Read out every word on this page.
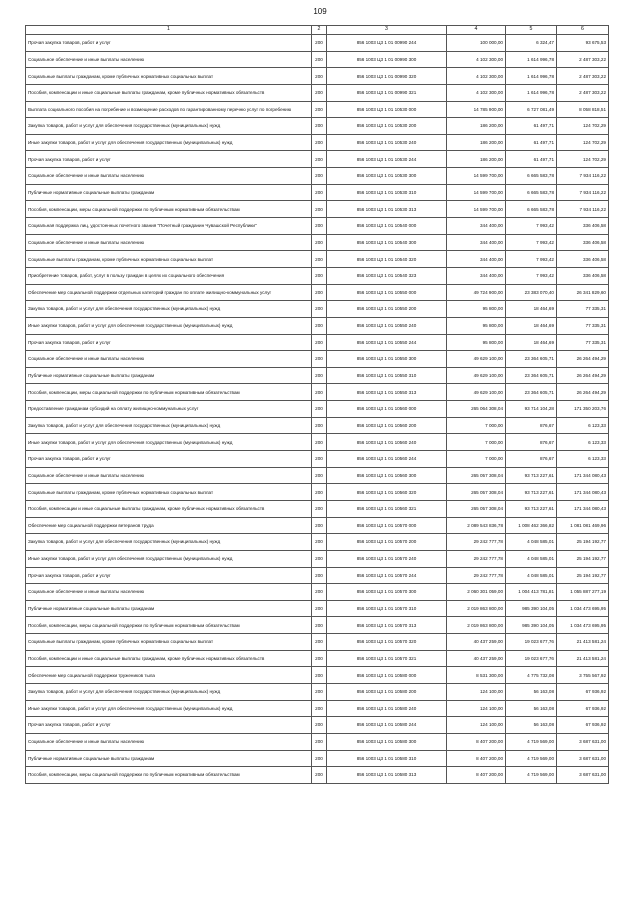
109
1	2	3	4	5	6
Прочая закупка товаров, работ и услуг	200	856 1003 Ц3 1 01 00990 244	100 000,00	6 324,47	93 675,53
Социальное обеспечение и иные выплаты населению	200	856 1003 Ц3 1 01 00990 300	4 102 300,00	1 614 996,78	2 487 303,22
Социальные выплаты гражданам, кроме публичных нормативных социальных выплат	200	856 1003 Ц3 1 01 00990 320	4 102 300,00	1 614 996,78	2 487 303,22
Пособия, компенсации и иные социальные выплаты гражданам, кроме публичных нормативных обязательств	200	856 1003 Ц3 1 01 00990 321	4 102 300,00	1 614 996,78	2 487 303,22
Выплата социального пособия на погребение и возмещение расходов по гарантированному перечню услуг по погребению	200	856 1003 Ц3 1 01 10530 000	14 785 900,00	6 727 081,49	8 058 818,51
Закупка товаров, работ и услуг для обеспечения государственных (муниципальных) нужд	200	856 1003 Ц3 1 01 10530 200	186 200,00	61 497,71	124 702,29
Иные закупки товаров, работ и услуг для обеспечения государственных (муниципальных) нужд	200	856 1003 Ц3 1 01 10530 240	186 200,00	61 497,71	124 702,29
Прочая закупка товаров, работ и услуг	200	856 1003 Ц3 1 01 10530 244	186 200,00	61 497,71	124 702,29
Социальное обеспечение и иные выплаты населению	200	856 1003 Ц3 1 01 10530 300	14 599 700,00	6 665 583,78	7 934 116,22
Публичные нормативные социальные выплаты гражданам	200	856 1003 Ц3 1 01 10530 310	14 599 700,00	6 665 583,78	7 934 116,22
Пособия, компенсации, меры социальной поддержки по публичным нормативным обязательствам	200	856 1003 Ц3 1 01 10530 313	14 599 700,00	6 665 583,78	7 934 116,22
Социальная поддержка лиц, удостоенных почетного звания "Почетный гражданин Чувашской Республики"	200	856 1003 Ц3 1 01 10540 000	344 400,00	7 993,42	336 406,58
Социальное обеспечение и иные выплаты населению	200	856 1003 Ц3 1 01 10540 300	344 400,00	7 993,42	336 406,58
Социальные выплаты гражданам, кроме публичных нормативных социальных выплат	200	856 1003 Ц3 1 01 10540 320	344 400,00	7 993,42	336 406,58
Приобретение товаров, работ, услуг в пользу граждан в целях их социального обеспечения	200	856 1003 Ц3 1 01 10540 323	344 400,00	7 993,42	336 406,58
Обеспечение мер социальной поддержки отдельных категорий граждан по оплате жилищно-коммунальных услуг	200	856 1003 Ц3 1 01 10550 000	49 724 900,00	23 383 070,40	26 341 829,60
Закупка товаров, работ и услуг для обеспечения государственных (муниципальных) нужд	200	856 1003 Ц3 1 01 10550 200	95 800,00	18 464,69	77 335,31
Иные закупки товаров, работ и услуг для обеспечения государственных (муниципальных) нужд	200	856 1003 Ц3 1 01 10550 240	95 800,00	18 464,69	77 335,31
Прочая закупка товаров, работ и услуг	200	856 1003 Ц3 1 01 10550 244	95 800,00	18 464,69	77 335,31
Социальное обеспечение и иные выплаты населению	200	856 1003 Ц3 1 01 10550 300	49 629 100,00	23 364 605,71	26 264 494,29
Публичные нормативные социальные выплаты гражданам	200	856 1003 Ц3 1 01 10550 310	49 629 100,00	23 364 605,71	26 264 494,29
Пособия, компенсации, меры социальной поддержки по публичным нормативным обязательствам	200	856 1003 Ц3 1 01 10550 313	49 629 100,00	23 364 605,71	26 264 494,29
Предоставление гражданам субсидий на оплату жилищно-коммунальных услуг	200	856 1003 Ц3 1 01 10560 000	265 064 308,04	93 714 104,28	171 350 203,76
Закупка товаров, работ и услуг для обеспечения государственных (муниципальных) нужд	200	856 1003 Ц3 1 01 10560 200	7 000,00	876,67	6 123,33
Иные закупки товаров, работ и услуг для обеспечения государственных (муниципальных) нужд	200	856 1003 Ц3 1 01 10560 240	7 000,00	876,67	6 123,33
Прочая закупка товаров, работ и услуг	200	856 1003 Ц3 1 01 10560 244	7 000,00	876,67	6 123,33
Социальное обеспечение и иные выплаты населению	200	856 1003 Ц3 1 01 10560 300	265 057 308,04	93 713 227,61	171 344 080,43
Социальные выплаты гражданам, кроме публичных нормативных социальных выплат	200	856 1003 Ц3 1 01 10560 320	265 057 308,04	93 713 227,61	171 344 080,43
Пособия, компенсации и иные социальные выплаты гражданам, кроме публичных нормативных обязательств	200	856 1003 Ц3 1 01 10560 321	265 057 308,04	93 713 227,61	171 344 080,43
Обеспечение мер социальной поддержки ветеранов труда	200	856 1003 Ц3 1 01 10570 000	2 089 543 836,78	1 008 462 366,82	1 081 081 469,96
Закупка товаров, работ и услуг для обеспечения государственных (муниципальных) нужд	200	856 1003 Ц3 1 01 10570 200	29 242 777,78	4 048 585,01	25 194 192,77
Иные закупки товаров, работ и услуг для обеспечения государственных (муниципальных) нужд	200	856 1003 Ц3 1 01 10570 240	29 242 777,78	4 048 585,01	25 194 192,77
Прочая закупка товаров, работ и услуг	200	856 1003 Ц3 1 01 10570 244	29 242 777,78	4 048 585,01	25 194 192,77
Социальное обеспечение и иные выплаты населению	200	856 1003 Ц3 1 01 10570 300	2 060 301 059,00	1 004 413 781,81	1 055 887 277,19
Публичные нормативные социальные выплаты гражданам	200	856 1003 Ц3 1 01 10570 310	2 019 863 800,00	985 390 104,05	1 034 473 695,95
Пособия, компенсации, меры социальной поддержки по публичным нормативным обязательствам	200	856 1003 Ц3 1 01 10570 313	2 019 863 800,00	985 390 104,05	1 034 473 695,95
Социальные выплаты гражданам, кроме публичных нормативных социальных выплат	200	856 1003 Ц3 1 01 10570 320	40 437 259,00	19 023 677,76	21 413 581,24
Пособия, компенсации и иные социальные выплаты гражданам, кроме публичных нормативных обязательств	200	856 1003 Ц3 1 01 10570 321	40 437 259,00	19 023 677,76	21 413 581,24
Обеспечение мер социальной поддержки тружеников тыла	200	856 1003 Ц3 1 01 10580 000	8 531 300,00	4 775 732,08	3 755 567,92
Закупка товаров, работ и услуг для обеспечения государственных (муниципальных) нужд	200	856 1003 Ц3 1 01 10580 200	124 100,00	56 163,08	67 936,92
Иные закупки товаров, работ и услуг для обеспечения государственных (муниципальных) нужд	200	856 1003 Ц3 1 01 10580 240	124 100,00	56 163,08	67 936,92
Прочая закупка товаров, работ и услуг	200	856 1003 Ц3 1 01 10580 244	124 100,00	56 163,08	67 936,92
Социальное обеспечение и иные выплаты населению	200	856 1003 Ц3 1 01 10580 300	8 407 200,00	4 719 569,00	3 687 631,00
Публичные нормативные социальные выплаты гражданам	200	856 1003 Ц3 1 01 10580 310	8 407 200,00	4 719 569,00	3 687 631,00
Пособия, компенсации, меры социальной поддержки по публичным нормативным обязательствам	200	856 1003 Ц3 1 01 10580 313	8 407 200,00	4 719 569,00	3 687 631,00
